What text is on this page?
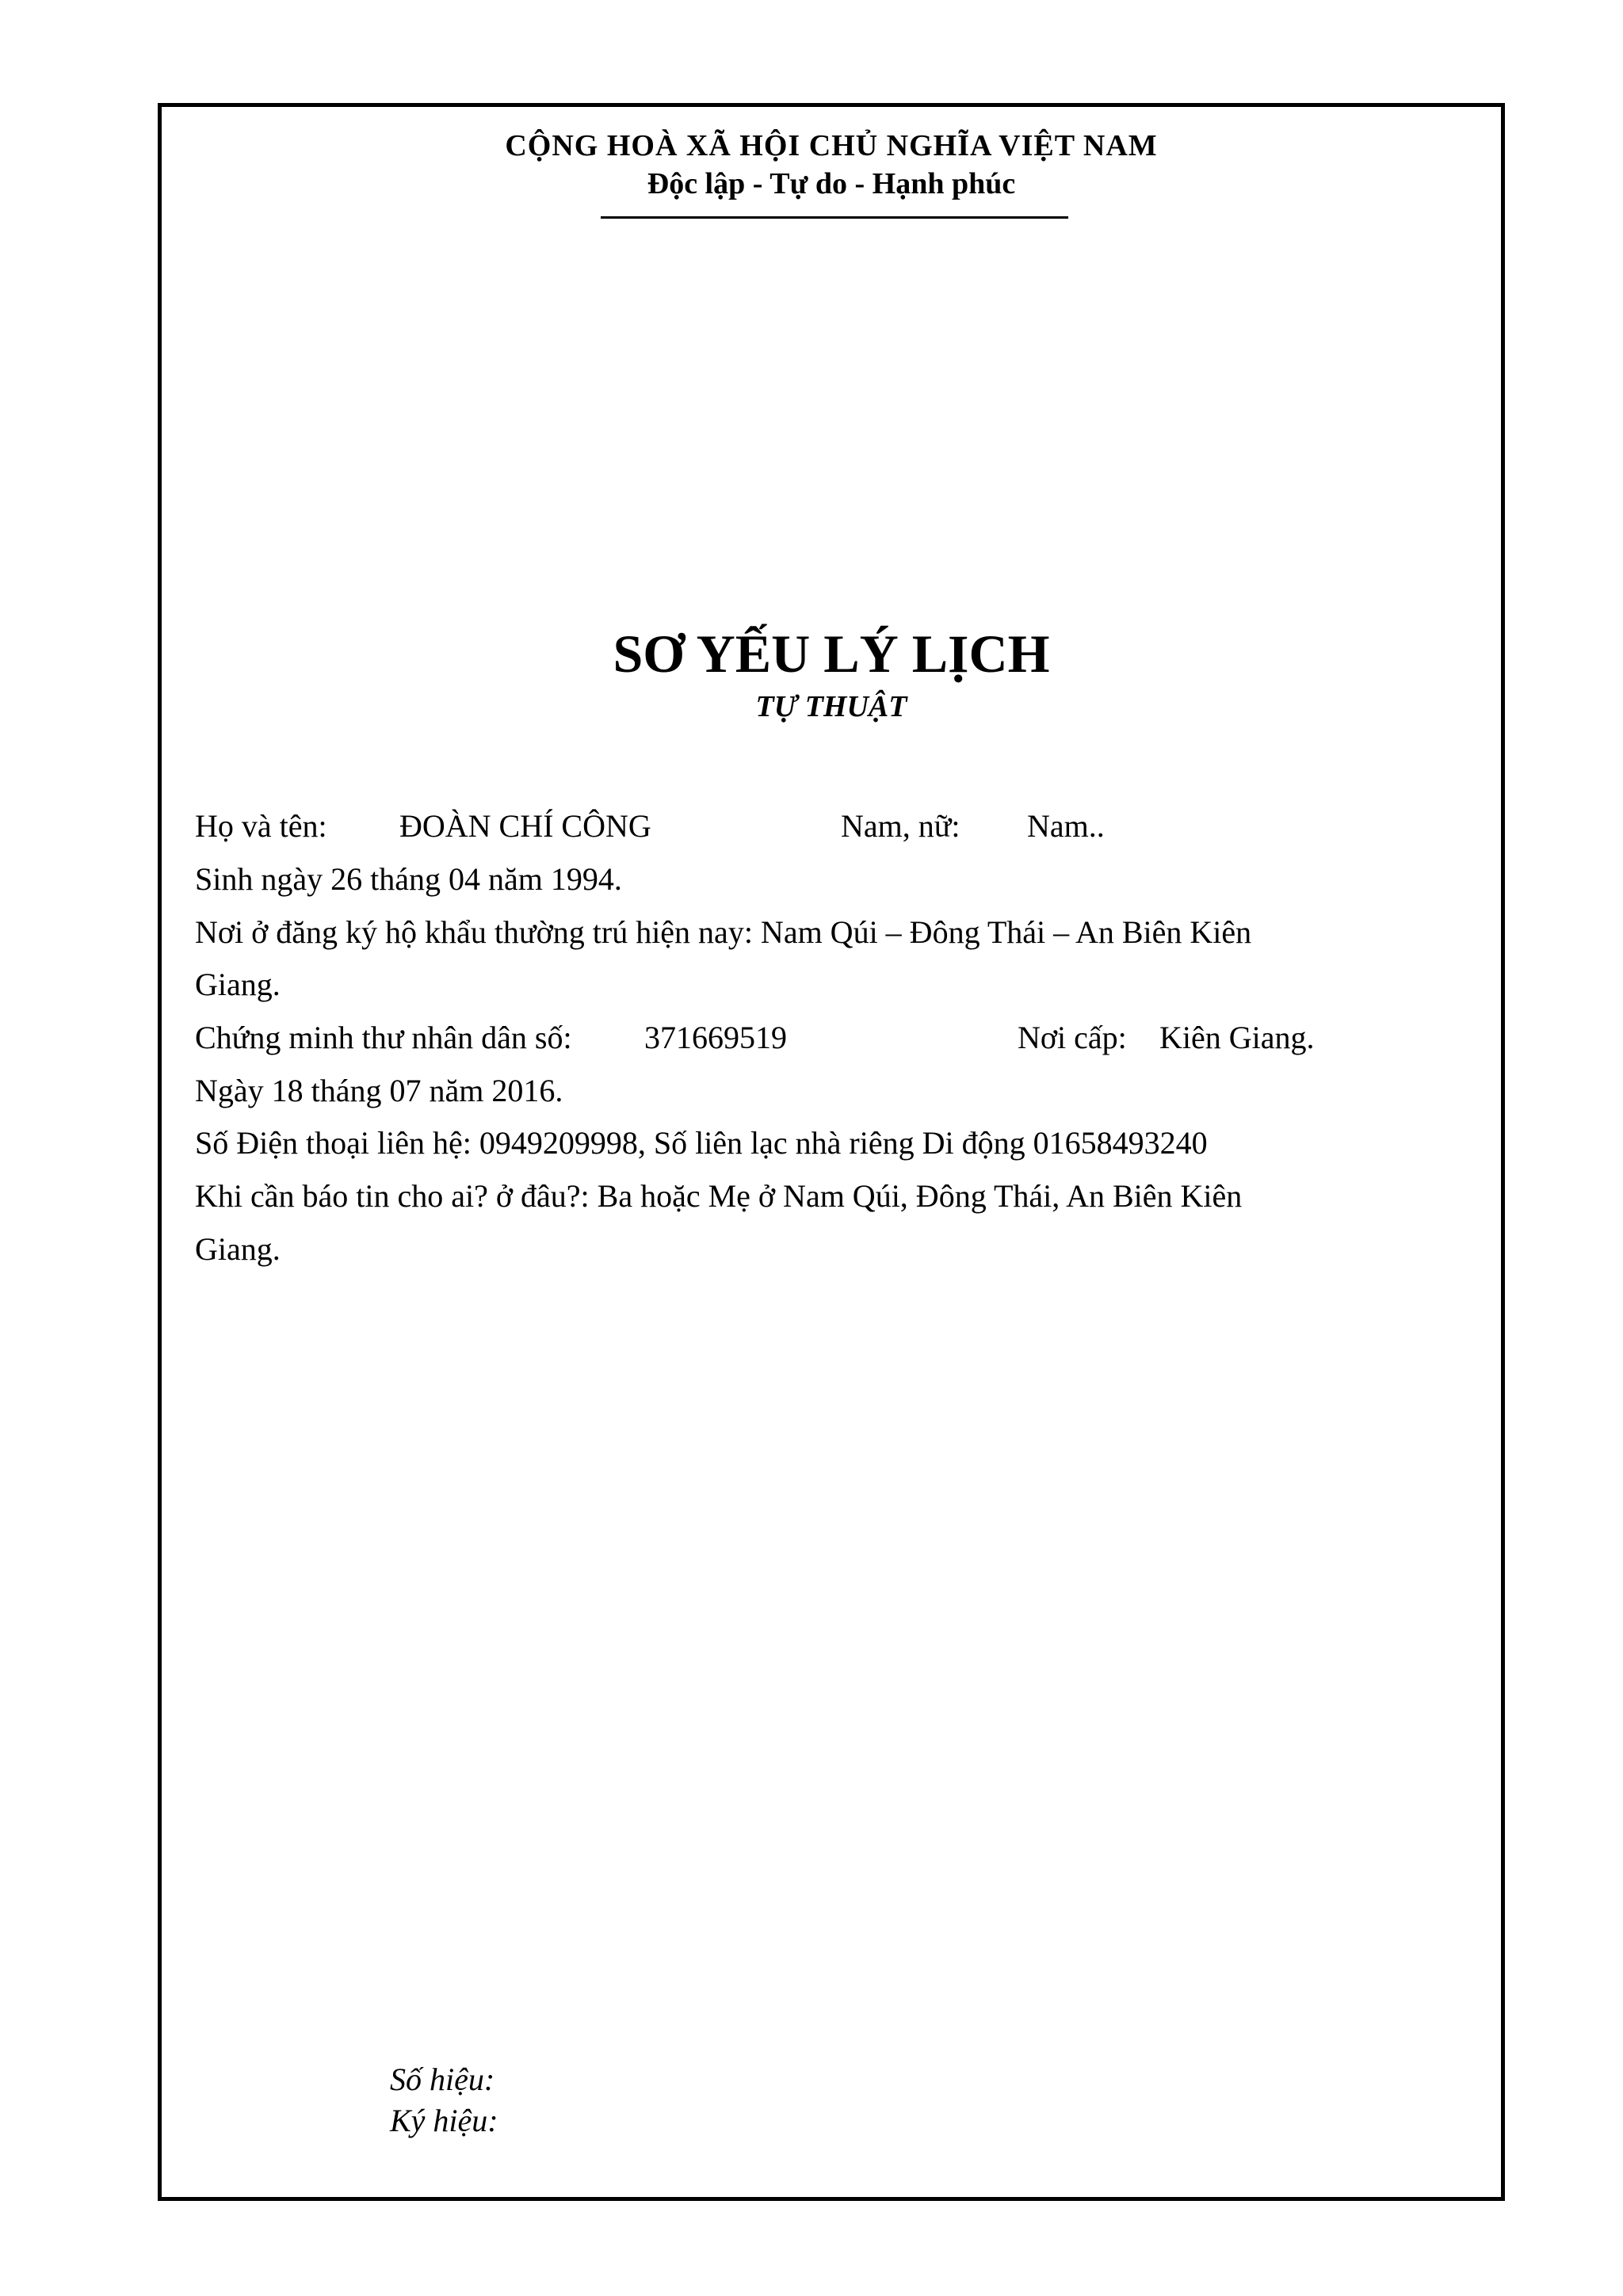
CỘNG HOÀ XÃ HỘI CHỦ NGHĨA VIỆT NAM
Độc lập - Tự do - Hạnh phúc
SƠ YẾU LÝ LỊCH
TỰ THUẬT
Họ và tên: ĐOÀN CHÍ CÔNG	Nam, nữ: Nam..
Sinh ngày 26 tháng 04 năm 1994.
Nơi ở đăng ký hộ khẩu thường trú hiện nay: Nam Qúi – Đông Thái – An Biên Kiên
Giang.
Chứng minh thư nhân dân số: 371669519	Nơi cấp: Kiên Giang.
Ngày 18 tháng 07 năm 2016.
Số Điện thoại liên hệ: 0949209998, Số liên lạc nhà riêng Di động 01658493240
Khi cần báo tin cho ai? ở đâu?: Ba hoặc Mẹ ở Nam Qúi, Đông Thái, An Biên Kiên
Giang.
Số hiệu:
Ký hiệu:
